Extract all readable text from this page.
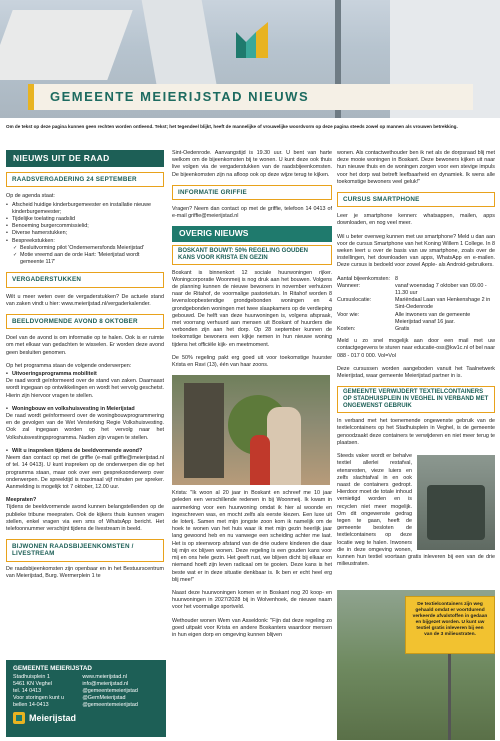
GEMEENTE MEIERIJSTAD NIEUWS
Om de tekst op deze pagina kunnen geen rechten worden ontleend. Tekst; het tegendeel blijkt, heeft de mannelijke of vrouwelijke woordvorm op deze pagina steeds zowel op mannen als vrouwen betrekking.
NIEUWS UIT DE RAAD
RAADSVERGADERING 24 SEPTEMBER

Op de agenda staat:

• Afscheid huidige kinderburgemeester en installatie nieuwe kinderburgemeester;
• Tijdelijke toelating raadslid
• Benoeming burgercommissielid;
• Diverse hamerstukken;
• Bespreekstukken:
✓ Besluitvorming pilot 'Ondernemersfonds Meierijstad'
✓ Motie vreemd aan de orde Hart: 'Meierijstad wordt gemeente 117'
VERGADERSTUKKEN

Wilt u meer weten over de vergaderstukken? De actuele stand van zaken vindt u hier: www.meierijstad.nl/vergaderkalender.

BEELDVORMENDE AVOND 8 OKTOBER

Doel van de avond is om informatie op te halen. Ook is er ruimte om met elkaar van gedachten te wisselen. Er worden deze avond geen besluiten genomen.

Op het programma staan de volgende onderwerpen:

• Uitvoeringsprogramma mobiliteit

De raad wordt geïnformeerd over de stand van zaken. Daarnaast wordt ingegaan op ontwikkelingen en wordt het vervolg geschetst. Hierin zijn hiervoor vragen te stellen.

• Woningbouw en volkshuisvesting in Meierijstad

De raad wordt geïnformeerd over de woningbouwprogrammering en de gevolgen van de Wet Versterking Regie Volkshuisvesting. Ook zal ingegaan worden op het vervolg naar het Volkshuisvestingsprogramma. Nadien zijn vragen te stellen.

• Wilt u inspreken tijdens de beeldvormende avond?

Neem dan contact op met de griffie (e-mail griffie@meierijstad.nl of tel. 14 0413). U kunt inspreken op de onderwerpen die op het programma staan, maar ook over een gespreksonderwerp over onderwerpen. De spreektijd is maximaal vijf minuten per spreker. Aanmelding is mogelijk tot 7 oktober, 12.00 uur.

Meepraten?

Tijdens de beeldvormende avond kunnen belangstellenden op de publieke tribune meepraten. Ook de kijkers thuis kunnen vragen stellen, enkel vragen via een sms of WhatsApp bericht. Het telefoonnummer verschijnt tijdens de livestream in beeld.

BIJWONEN RAADSBIJEENKOMSTEN / LIVESTREAM

De raadsbijeenkomsten zijn openbaar en in het Bestuurscentrum van Meierijstad, Burg. Wermerplein 1 te

Sint-Oedenrode. Aanvangstijd is 19.30 uur. U bent van harte welkom om de bijeenkomsten bij te wonen. U kunt deze ook thuis live volgen via de vergaderstukken van de raadsbijeenkomsten. De bijeenkomsten zijn na afloop ook op deze wijze terug te kijken.

INFORMATIE GRIFFIE

Vragen? Neem dan contact op met de griffie, telefoon 14 0413 of e-mail griffie@meierijstad.nl

OVERIG NIEUWS
BOSKANT BOUWT: 50% REGELING GOUDEN KANS VOOR KRISTA EN GEZIN

Boskant is binnenkort 12 sociale huurwoningen rijker. Woningcorporatie Woonmeij is nog druk aan het bouwen. Volgens de planning kunnen de nieuwe bewoners in november verhuizen naar de Ritahof, de voormalige pastorietuin. In Ritahof worden 8 levensloopbestendige grondgebonden woningen en 4 grondgebonden woningen met twee slaapkamers op de verdieping gebouwd. De helft van deze huurwoningen is, volgens afspraak, met voorrang verhuurd aan mensen uit Boskant of huurders die verbonden zijn aan het dorp. Op 28 september kunnen de toekomstige bewoners een kijkje nemen in hun nieuwe woning tijdens het officiële kijk- en meetmoment.

De 50% regeling pakt erg goed uit voor toekomstige huurster Krista en Ravi (13), één van haar zoons.

Krista: "Ik woon al 20 jaar in Boskant en schreef me 10 jaar geleden een verschillende redenen in bij Woonmeij. Ik kwam in aanmerking voor een huurwoning omdat ik hier al woonde en ingeschreven was, en mocht zelfs als eerste kiezen. Een luxe uit de loterij. Samen met mijn jongste zoon kom ik namelijk om de hoek te wonen van het huis waar ik met mijn gezin heerlijk jaar lang gewoond heb en nu vanwege een scheiding achter me laat. Het is op steenworp afstand van de drie oudere kinderen die daar bij mijn ex blijven wonen. Deze regeling is een gouden kans voor mij en ons hele gezin. Het geeft rust, we blijven dicht bij elkaar en niemand hoeft zijn leven radicaal om te gooien. Deze kans is het beste wat er in deze situatie denkbaar is. Ik ben er echt heel erg blij mee!"

Naast deze huurwoningen komen er in Boskant nog 20 koop- en huurwoningen in 2027/2028 bij in Wolvenhoek, de nieuwe naam voor het voormalige sportveld.

Wethouder wonen Wem van Asseldonk: "Fijn dat deze regeling zo goed uitpakt voor Krista en andere Boskanters waardoor mensen in hun eigen dorp en omgeving kunnen blijven

wonen. Als contactwethouder ben ik net als de dorpsraad blij met deze mooie woningen in Boskant. Deze bewoners kijken uit naar hun nieuwe thuis en de woningen zorgen voor een stevige impuls voor het dorp wat betreft leefbaarheid en dynamiek. Ik wens alle toekomstige bewoners veel geluk!"

CURSUS SMARTPHONE

Leer je smartphone kennen: whatsappen, mailen, apps downloaden, en nog veel meer.

Wil u beter overweg kunnen met uw smartphone? Meld u dan aan voor de cursus Smartphone van het Koning Willem 1 College. In 8 weken leert u over de basis van uw smartphone, zoals over de instellingen, het downloaden van apps, WhatsApp en e-mailen. Deze cursus is bedoeld voor zowel Apple- als Android-gebruikers.

Aantal bijeenkomsten: 8
Wanneer:	vanaf woensdag 7 oktober van 09.00 - 11.30 uur
Cursuslocatie:	Mariëndaal Laan van Henkenshage 2 in Sint-Oedenrode
Voor wie:	Alle inwoners van de gemeente Meierijstad vanaf 16 jaar.
Kosten:	Gratis

Meld u zo snel mogelijk aan door een mail met uw contactgegevens te sturen naar educatie-oss@kw1c.nl of bel naar 088 - 017 0 000. Vol=Vol

Deze cursussen worden aangeboden vanuit het Taalnetwerk Meierijstad, waar gemeente Meierijstad partner in is.

GEMEENTE VERWIJDERT TEXTIELCONTAINERS OP STADHUISPLEIN IN VEGHEL IN VERBAND MET ONGEWENST GEBRUIK

In verband met het toenemende ongewenste gebruik van de textielcontainers op het Stadhuisplein in Veghel, is de gemeente genoodzaakt deze containers te verwijderen en niet meer terug te plaatsen.

Steeds vaker wordt er behalve textiel allerlei restafval, etensresten, vieze luiers en zelfs slachtafval in en ook naast de containers gedropt. Hierdoor moet de totale inhoud vernietigd worden en is recyclen niet meer mogelijk. Om dit ongewenste gedrag tegen te gaan, heeft de gemeente besloten de textielcontainers op deze locatie weg te halen. Inwoners die in deze omgeving wonen, kunnen hun textiel voortaan gratis inleveren bij een van de drie milieustraten.

De textielcontainers zijn weg gehaald omdat er voortdurend verkeerde afvalstoffen in gedaan en bijgezet worden. U kunt uw textiel gratis inleveren bij een van de 3 milieustraten.
GEMEENTE MEIERIJSTAD
Stadhuisplein 1
5461 KN Veghel
tel. 14 0413
Voor storingen kunt u bellen 14-0413
www.meierijstad.nl
info@meierijstad.nl
@gemeentemeierijstad
@GemMeierijstad
@gemeentemeierijstad
Meierijstad
